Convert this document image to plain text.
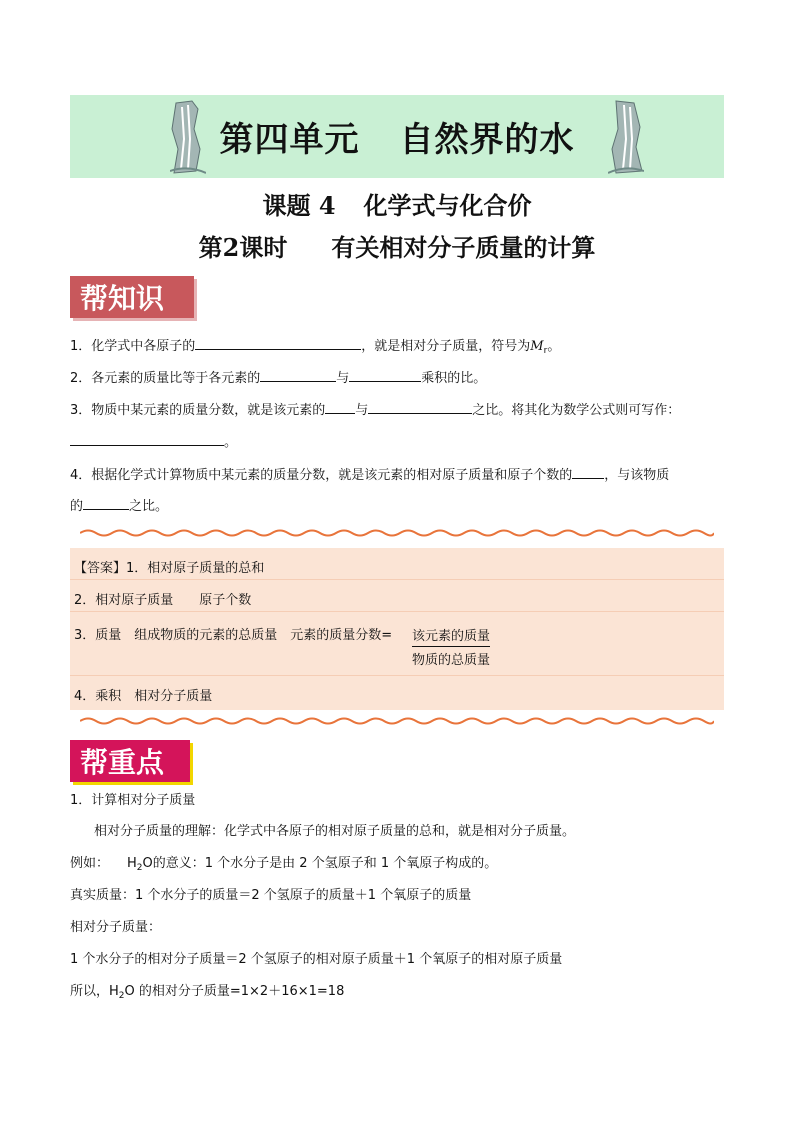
第四单元 自然界的水
课题 4 化学式与化合价
第2课时 有关相对分子质量的计算
帮知识
1．化学式中各原子的	，就是相对分子质量，符号为$M_r$。
2．各元素的质量比等于各元素的	与	乘积的比。
3．物质中某元素的质量分数，就是该元素的 与	之比。将其化为数学公式则可写作：
。
4．根据化学式计算物质中某元素的质量分数，就是该元素的相对原子质量和原子个数的 ，与该物质
的	之比。
【答案】1．相对原子质量的总和
2．相对原子质量　　原子个数
3．质量　组成物质的元素的总质量　元素的质量分数= 该元素的质量
物质的总质量
4．乘积　相对分子质量
帮重点
1．计算相对分子质量
相对分子质量的理解：化学式中各原子的相对原子质量的总和，就是相对分子质量。
例如： $H_2O$的意义：1 个水分子是由 2 个氢原子和 1 个氧原子构成的。
真实质量：1 个水分子的质量＝2 个氢原子的质量＋1 个氧原子的质量
相对分子质量：
1 个水分子的相对分子质量＝2 个氢原子的相对原子质量＋1 个氧原子的相对原子质量
所以，$H_2O$ 的相对分子质量=1×2＋16×1=18
